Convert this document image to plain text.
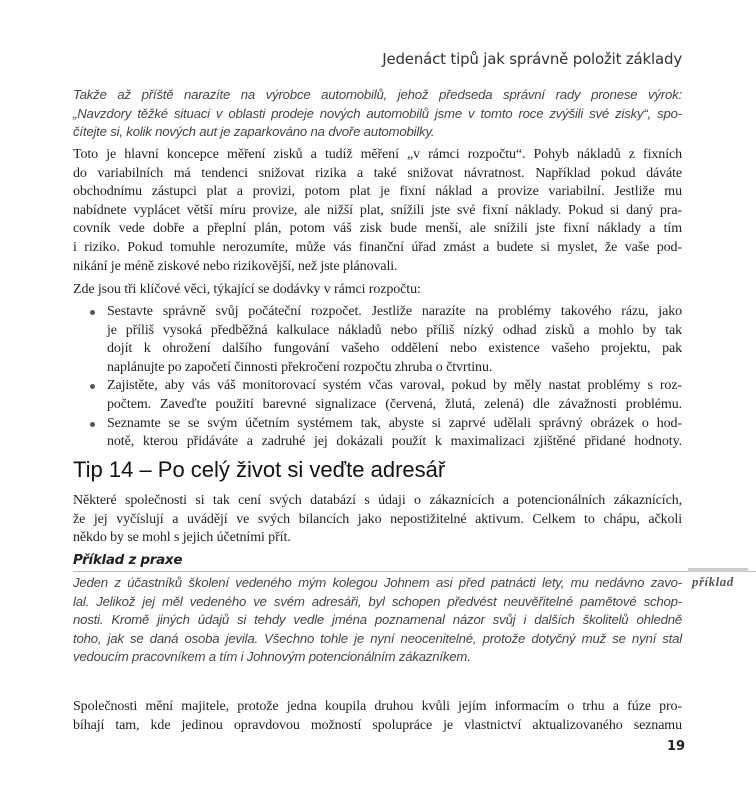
Jedenáct tipů jak správně položit základy
Takže až příště narazíte na výrobce automobilů, jehož předseda správní rady pronese výrok:
„Navzdory těžké situaci v oblasti prodeje nových automobilů jsme v tomto roce zvýšili své zisky“, spo-
čítejte si, kolik nových aut je zaparkováno na dvoře automobilky.
Toto je hlavní koncepce měření zisků a tudíž měření „v rámci rozpočtu“. Pohyb nákladů z fixních
do variabilních má tendenci snižovat rizika a také snižovat návratnost. Například pokud dáváte
obchodnímu zástupci plat a provizi, potom plat je fixní náklad a provize variabilní. Jestliže mu
nabídnete vyplácet větší míru provize, ale nižší plat, snížili jste své fixní náklady. Pokud si daný pra-
covník vede dobře a přeplní plán, potom váš zisk bude menší, ale snížili jste fixní náklady a tím
i riziko. Pokud tomuhle nerozumíte, může vás finanční úřad zmást a budete si myslet, že vaše pod-
nikání je méně ziskové nebo rizikovější, než jste plánovali.
Zde jsou tři klíčové věci, týkající se dodávky v rámci rozpočtu:
Sestavte správně svůj počáteční rozpočet. Jestliže narazíte na problémy takového rázu, jako
je příliš vysoká předběžná kalkulace nákladů nebo příliš nízký odhad zisků a mohlo by tak
dojít k ohrožení dalšího fungování vašeho oddělení nebo existence vašeho projektu, pak
naplánujte po započetí činnosti překročení rozpočtu zhruba o čtvrtinu.
Zajistěte, aby vás váš monitorovací systém včas varoval, pokud by měly nastat problémy s roz-
počtem. Zaveďte použití barevné signalizace (červená, žlutá, zelená) dle závažnosti problému.
Seznamte se se svým účetním systémem tak, abyste si zaprvé udělali správný obrázek o hod-
notě, kterou přidáváte a zadruhé jej dokázali použít k maximalizaci zjištěné přidané hodnoty.
Tip 14 – Po celý život si veďte adresář
Některé společnosti si tak cení svých databází s údaji o zákaznících a potencionálních zákaznících,
že jej vyčíslují a uvádějí ve svých bilancích jako nepostižitelné aktivum. Celkem to chápu, ačkoli
někdo by se mohl s jejich účetními přít.
Příklad z praxe
příklad
Jeden z účastníků školení vedeného mým kolegou Johnem asi před patnácti lety, mu nedávno zavo-
lal. Jelikož jej měl vedeného ve svém adresáři, byl schopen předvést neuvěřitelné pamětové schop-
nosti. Kromě jiných údajů si tehdy vedle jména poznamenal názor svůj i dalších školitelů ohledně
toho, jak se daná osoba jevila. Všechno tohle je nyní neocenitelné, protože dotyčný muž se nyní stal
vedoucím pracovníkem a tím i Johnovým potencionálním zákazníkem.
Společnosti mění majitele, protože jedna koupila druhou kvůli jejím informacím o trhu a fúze pro-
bíhají tam, kde jedinou opravdovou možností spolupráce je vlastnictví aktualizovaného seznamu
19
